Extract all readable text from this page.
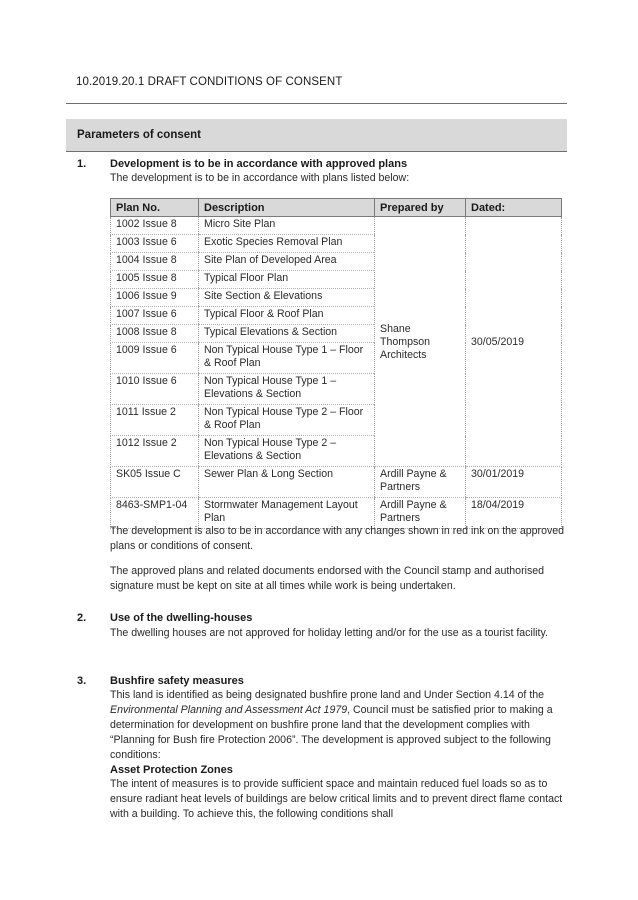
10.2019.20.1 DRAFT CONDITIONS OF CONSENT
Parameters of consent
1. Development is to be in accordance with approved plans
The development is to be in accordance with plans listed below:
Plan No.	Description	Prepared by	Dated:
1002 Issue 8	Micro Site Plan	Shane Thompson Architects	30/05/2019
1003 Issue 6	Exotic Species Removal Plan		
1004 Issue 8	Site Plan of Developed Area		
1005 Issue 8	Typical Floor Plan		
1006 Issue 9	Site Section & Elevations		
1007 Issue 6	Typical Floor & Roof Plan		
1008 Issue 8	Typical Elevations & Section		
1009 Issue 6	Non Typical House Type 1 – Floor & Roof Plan		
1010 Issue 6	Non Typical House Type 1 – Elevations & Section		
1011 Issue 2	Non Typical House Type 2 – Floor & Roof Plan		
1012 Issue 2	Non Typical House Type 2 – Elevations & Section		
SK05 Issue C	Sewer Plan & Long Section	Ardill Payne & Partners	30/01/2019
8463-SMP1-04	Stormwater Management Layout Plan	Ardill Payne & Partners	18/04/2019
The development is also to be in accordance with any changes shown in red ink on the approved plans or conditions of consent.
The approved plans and related documents endorsed with the Council stamp and authorised signature must be kept on site at all times while work is being undertaken.
2. Use of the dwelling-houses
The dwelling houses are not approved for holiday letting and/or for the use as a tourist facility.
3. Bushfire safety measures
This land is identified as being designated bushfire prone land and Under Section 4.14 of the Environmental Planning and Assessment Act 1979, Council must be satisfied prior to making a determination for development on bushfire prone land that the development complies with “Planning for Bush fire Protection 2006”. The development is approved subject to the following conditions:
Asset Protection Zones
The intent of measures is to provide sufficient space and maintain reduced fuel loads so as to ensure radiant heat levels of buildings are below critical limits and to prevent direct flame contact with a building. To achieve this, the following conditions shall
